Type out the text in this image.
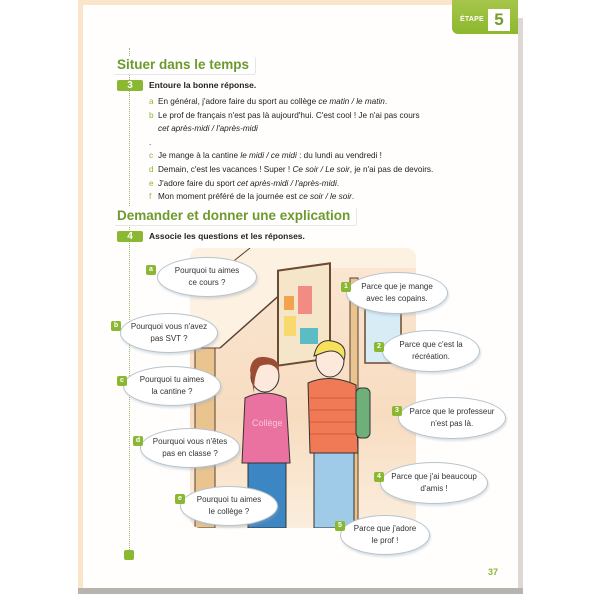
ÉTAPE 5
Situer dans le temps
3	Entoure la bonne réponse.
a En général, j'adore faire du sport au collège ce matin / le matin.
b Le prof de français n'est pas là aujourd'hui. C'est cool ! Je n'ai pas cours
cet après-midi / l'après-midi
.
c Je mange à la cantine le midi / ce midi : du lundi au vendredi !
d Demain, c'est les vacances ! Super ! Ce soir / Le soir, je n'ai pas de devoirs.
e J'adore faire du sport cet après-midi / l'après-midi.
f Mon moment préféré de la journée est ce soir / le soir.
Demander et donner une explication
4	Associe les questions et les réponses.
Collège
Pourquoi tu aimes
ce cours ?
a
Pourquoi vous n'avez
pas SVT ?
b
Pourquoi tu aimes
la cantine ?
c
Pourquoi vous n'êtes
pas en classe ?
d
Pourquoi tu aimes
le collège ?
e
Parce que je mange
avec les copains.
1
Parce que c'est la
récréation.
2
Parce que le professeur
n'est pas là.
3
Parce que j'ai beaucoup
d'amis !
4
Parce que j'adore
le prof !
5
37
